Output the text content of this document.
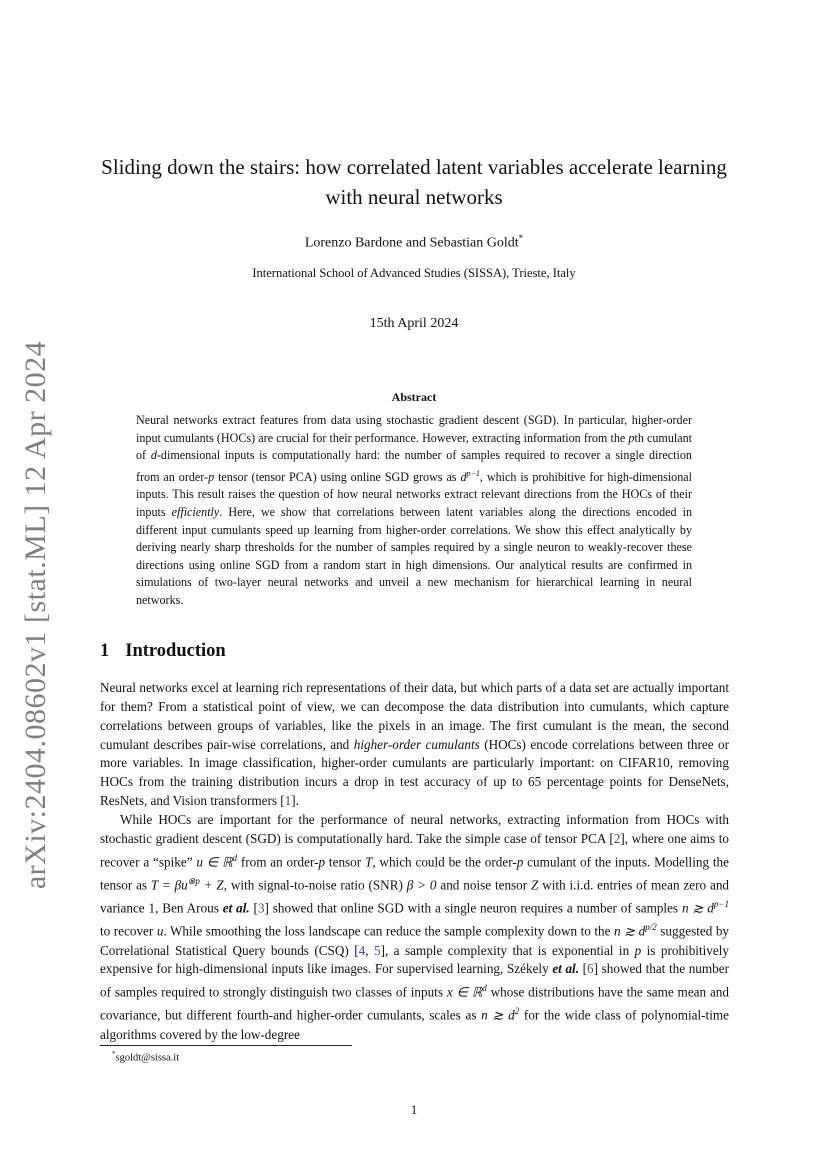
arXiv:2404.08602v1 [stat.ML] 12 Apr 2024
Sliding down the stairs: how correlated latent variables accelerate learning with neural networks
Lorenzo Bardone and Sebastian Goldt*
International School of Advanced Studies (SISSA), Trieste, Italy
15th April 2024
Abstract

Neural networks extract features from data using stochastic gradient descent (SGD). In particular, higher-order input cumulants (HOCs) are crucial for their performance. However, extracting information from the pth cumulant of d-dimensional inputs is computationally hard: the number of samples required to recover a single direction from an order-p tensor (tensor PCA) using online SGD grows as $d^{p-1}$, which is prohibitive for high-dimensional inputs. This result raises the question of how neural networks extract relevant directions from the HOCs of their inputs efficiently. Here, we show that correlations between latent variables along the directions encoded in different input cumulants speed up learning from higher-order correlations. We show this effect analytically by deriving nearly sharp thresholds for the number of samples required by a single neuron to weakly-recover these directions using online SGD from a random start in high dimensions. Our analytical results are confirmed in simulations of two-layer neural networks and unveil a new mechanism for hierarchical learning in neural networks.

1 Introduction

Neural networks excel at learning rich representations of their data, but which parts of a data set are actually important for them? From a statistical point of view, we can decompose the data distribution into cumulants, which capture correlations between groups of variables, like the pixels in an image. The first cumulant is the mean, the second cumulant describes pair-wise correlations, and higher-order cumulants (HOCs) encode correlations between three or more variables. In image classification, higher-order cumulants are particularly important: on CIFAR10, removing HOCs from the training distribution incurs a drop in test accuracy of up to 65 percentage points for DenseNets, ResNets, and Vision transformers [1].

While HOCs are important for the performance of neural networks, extracting information from HOCs with stochastic gradient descent (SGD) is computationally hard. Take the simple case of tensor PCA [2], where one aims to recover a “spike” u ∈ ℝ$^d$ from an order-p tensor T, which could be the order-p cumulant of the inputs. Modelling the tensor as $T = \beta u^{\otimes p} + Z$, with signal-to-noise ratio (SNR) β > 0 and noise tensor Z with i.i.d. entries of mean zero and variance 1, Ben Arous et al. [3] showed that online SGD with a single neuron requires a number of samples n ≳ $d^{p-1}$ to recover u. While smoothing the loss landscape can reduce the sample complexity down to the n ≳ $d^{p/2}$ suggested by Correlational Statistical Query bounds (CSQ) [4, 5], a sample complexity that is exponential in p is prohibitively expensive for high-dimensional inputs like images. For supervised learning, Székely et al. [6] showed that the number of samples required to strongly distinguish two classes of inputs x ∈ ℝ$^d$ whose distributions have the same mean and covariance, but different fourth-and higher-order cumulants, scales as n ≳ $d^2$ for the wide class of polynomial-time algorithms covered by the low-degree

*sgoldt@sissa.it
1
